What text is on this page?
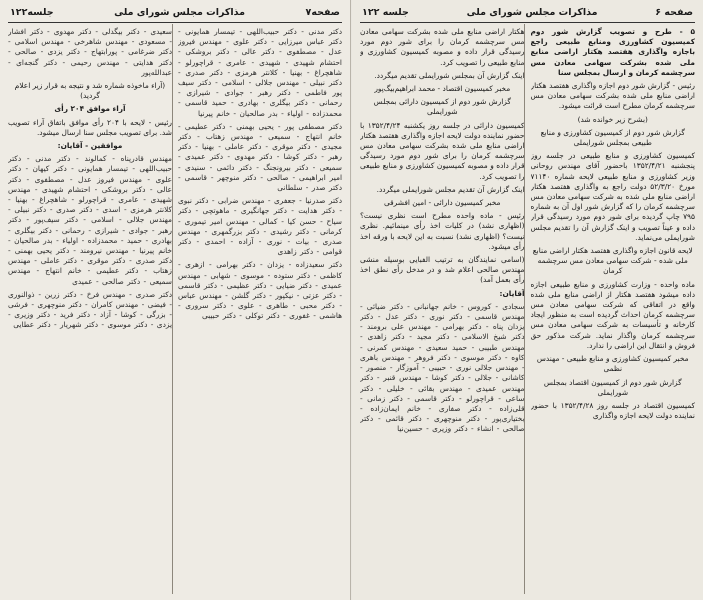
صفحه۷
مذاکرات مجلس شورای ملی
جلسه۱۲۲

دکتر مدنی - دکتر حبیب‌اللهی - تیمسار همایونی - دکتر عباس میرزایی - دکتر علوی - مهندس فیروز عدل - مصطفوی - دکتر عالی - دکتر بروشکی - احتشام شهیدی - شهیدی - عامری - قراچورلو - شاهچراغ - بهنیا - کلانتر هرمزی - دکتر صدری - دکتر نبیلی - مهندس جلالی - اسلامی - دکتر سیف پور فاطمی - دکتر رهبر - جوادی - شیرازی - رحمانی - دکتر بیگلری - بهادری - حمید قاسمی - محمدزاده - اولیاء - بدر صالحیان - خانم پیرنیا

دکتر مصطفی پور - یحیی بهمنی - دکتر عطیمی - خانم انتهاج - سمیعی - مهندس زهتاب - دکتر مجیدی - دکتر موقری - دکتر عاملی - بهنیا - دکتر رهبر - دکتر کوشا - دکتر مهدوی - دکتر عمیدی - سمیعی - دکتر بیرونجنگ - دکتر دائمی - سنیدی - امیر ابراهیمی - صالحی - دکتر منوچهر - قاسمی - دکتر صدر - سلطانی

دکتر صدرنیا - جعفری - مهندس ضرابی - دکتر نبوی - دکتر هدایت - دکتر جهانگیری - ماهوتچی - دکتر سیاح - حسن کیا - کمالی - مهندس امیر تیموری - کرمانی - دکتر رشیدی - دکتر بزرگمهری - مهندس صدری - بیات - نوری - آزاده - احمدی - دکتر قوامی - دکتر زاهدی

دکتر سعیدزاده - یزدان - دکتر بهرامی - ازهری - کاظمی - دکتر ستوده - موسوی - شهابی - مهندس عمیدی - دکتر ضیایی - دکتر عظیمی - دکتر قاسمی - دکتر عزتی - نیکپور - دکتر گلشن - مهندس عباس - دکتر محبی - طاهری - علوی - دکتر سروری - هاشمی - غفوری - دکتر توکلی - دکتر حبیبی

سعیدی - دکتر بیگدلی - دکتر مهدوی - دکتر افشار - مسعودی - مهندس شاهرخی - مهندس اسلامی - دکتر ضرغامی - پورابتهاج - دکتر یزدی - صالحی - دکتر هدایتی - مهندس رحیمی - دکتر گنجه‌ای - عبدالله‌پور

(آراء ماخوذه شماره شد و نتیجه به قرار زیر اعلام گردید)

آراء موافق ۲۰۴ رأی

رئیس - لایحه با ۲۰۴ رأی موافق باتفاق آراء تصویب شد. برای تصویب مجلس سنا ارسال میشود.

موافقین - آقایان:

مهندس قادرپناه - کمالوند - دکتر مدنی - دکتر حبیب‌اللهی - تیمسار همایونی - دکتر کیهان - دکتر علوی - مهندس فیروز عدل - مصطفوی - دکتر عالی - دکتر بروشکی - احتشام شهیدی - مهندس شهیدی - عامری - قراچورلو - شاهچراغ - بهنیا - کلانتر هرمزی - اسدی - دکتر صدری - دکتر نبیلی - مهندس جلالی - اسلامی - دکتر سیف‌پور - دکتر رهبر - جوادی - شیرازی - رحمانی - دکتر بیگلری - بهادری - حمید - محمدزاده - اولیاء - بدر صالحیان - خانم پیرنیا - مهندس نیرومند - دکتر یحیی بهمنی - دکتر صدری - دکتر موقری - دکتر عاملی - مهندس زهتاب - دکتر عطیمی - خانم انتهاج - مهندس سمیعی - دکتر صالحی - عمیدی

دکتر صدری - مهندس فرخ - دکتر زرین - ذوالنوری - فیضی - مهندس کامران - دکتر منوچهری - فرشی - بزرگی - کوشا - آزاد - دکتر فرید - دکتر وزیری - یزدی - دکتر موسوی - دکتر شهریار - دکتر عطایی

صفحه ۶
مذاکرات مجلس شورای ملی
جلسه ۱۲۲

۵ - طرح و تصویب گزارش شور دوم کمیسیون کشاورزی ومنابع طبیعی راجع باجازه واگذاری هفتصد هکتار اراضی منابع ملی شده بشرکت سهامی معادن مس سرچشمه کرمان و ارسال بمجلس سنا

رئیس - گزارش شور دوم اجازه واگذاری هفتصد هکتار اراضی منابع ملی شده بشرکت سهامی معادن مس سرچشمه کرمان مطرح است قرائت میشود.

(بشرح زیر خوانده شد)

گزارش شور دوم از کمیسیون کشاورزی و منابع طبیعی بمجلس شورایملی

کمیسیون کشاورزی و منابع طبیعی در جلسه روز پنجشنبه ۱۳۵۲/۴/۲۱ باحضور آقای مهندس روحانی وزیر کشاورزی و منابع طبیعی لایحه شماره ۷۱۱۴۰ مورخ ۵۲/۳/۲۰ دولت راجع به واگذاری هفتصد هکتار اراضی منابع ملی شده به شرکت سهامی معادن مس سرچشمه کرمان را که گزارش شور اول آن به شماره ۷۹۵ چاپ گردیده برای شور دوم مورد رسیدگی قرار داده و عیناً تصویب و اینک گزارش آن را تقدیم مجلس شورایملی می‌نماید.

لایحه قانون اجازه واگذاری هفتصد هکتار اراضی منابع ملی شده - شرکت سهامی معادن مس سرچشمه کرمان

ماده واحده - وزارت کشاورزی و منابع طبیعی اجازه داده میشود هفتصد هکتار از اراضی منابع ملی شده واقع در اتفاقی که شرکت سهامی معادن مس سرچشمه کرمان احداث گردیده است به منظور ایجاد کارخانه و تأسیسات به شرکت سهامی معادن مس سرچشمه کرمان واگذار نماید. شرکت مذکور حق فروش و انتقال این اراضی را ندارد.

مخبر کمیسیون کشاورزی و منابع طبیعی - مهندس نظمی

گزارش شور دوم از کمیسیون اقتصاد بمجلس شورایملی

کمیسیون اقتصاد در جلسه روز ۱۳۵۲/۴/۲۸ با حضور نماینده دولت لایحه اجازه واگذاری

هکتار اراضی منابع ملی شده بشرکت سهامی معادن مس سرچشمه کرمان را برای شور دوم مورد رسیدگی قرار داده و مصوبه کمیسیون کشاورزی و منابع طبیعی را تصویب کرد.

اینک گزارش آن بمجلس شورایملی تقدیم میگردد.

مخبر کمیسیون اقتصاد - محمد ابراهیم‌بیگ‌پور

گزارش شور دوم از کمیسیون دارائی بمجلس شورایملی

کمیسیون دارائی در جلسه روز یکشنبه ۱۳۵۲/۴/۲۴ با حضور نماینده دولت لایحه اجازه واگذاری هفتصد هکتار اراضی منابع ملی شده بشرکت سهامی معادن مس سرچشمه کرمان را برای شور دوم مورد رسیدگی قرار داده و مصوبه کمیسیون کشاورزی و منابع طبیعی را تصویب کرد.

اینک گزارش آن تقدیم مجلس شورایملی میگردد.

مخبر کمیسیون دارائی - امین افشرقی

رئیس - ماده واحده مطرح است نظری نیست؟ (اظهاری نشد) در کلیات اخذ رأی مینمائیم. نظری نیست؟ (اظهاری نشد) نسبت به این لایحه با ورقه اخذ رأی میشود.

(اسامی نمایندگان به ترتیب الفبایی بوسیله منشی مهندس صالحی اعلام شد و در مدخل رأی نطق اخذ رأی بعمل آمد)

آقایان:

سجادی - کوروس - خانم جهانبانی - دکتر ضیائی - مهندس قاسمی - دکتر نوری - دکتر عدل - دکتر یزدان پناه - دکتر بهرامی - مهندس علی برومند - دکتر شیخ الاسلامی - دکتر مجید - دکتر زاهدی - مهندس طبیبی - حمید سعیدی - مهندس کمرنی - کاوه - دکتر موسوی - دکتر فروهر - مهندس باهری - مهندس جلالی نوری - حبیبی - آموزگار - منصور - کاشانی - جلالی - دکتر کوشا - مهندس قنبر - دکتر مهندس عمیدی - مهندس بقائی - خلیلی - دکتر ساعی - قراچورلو - دکتر قاسمی - دکتر زمانی - قلی‌زاده - دکتر صفاری - خانم ایمان‌زاده - بختیاری‌پور - دکتر منوچهری - دکتر قائمی - دکتر صالحی - انشاء - دکتر وزیری - حسین‌نیا
